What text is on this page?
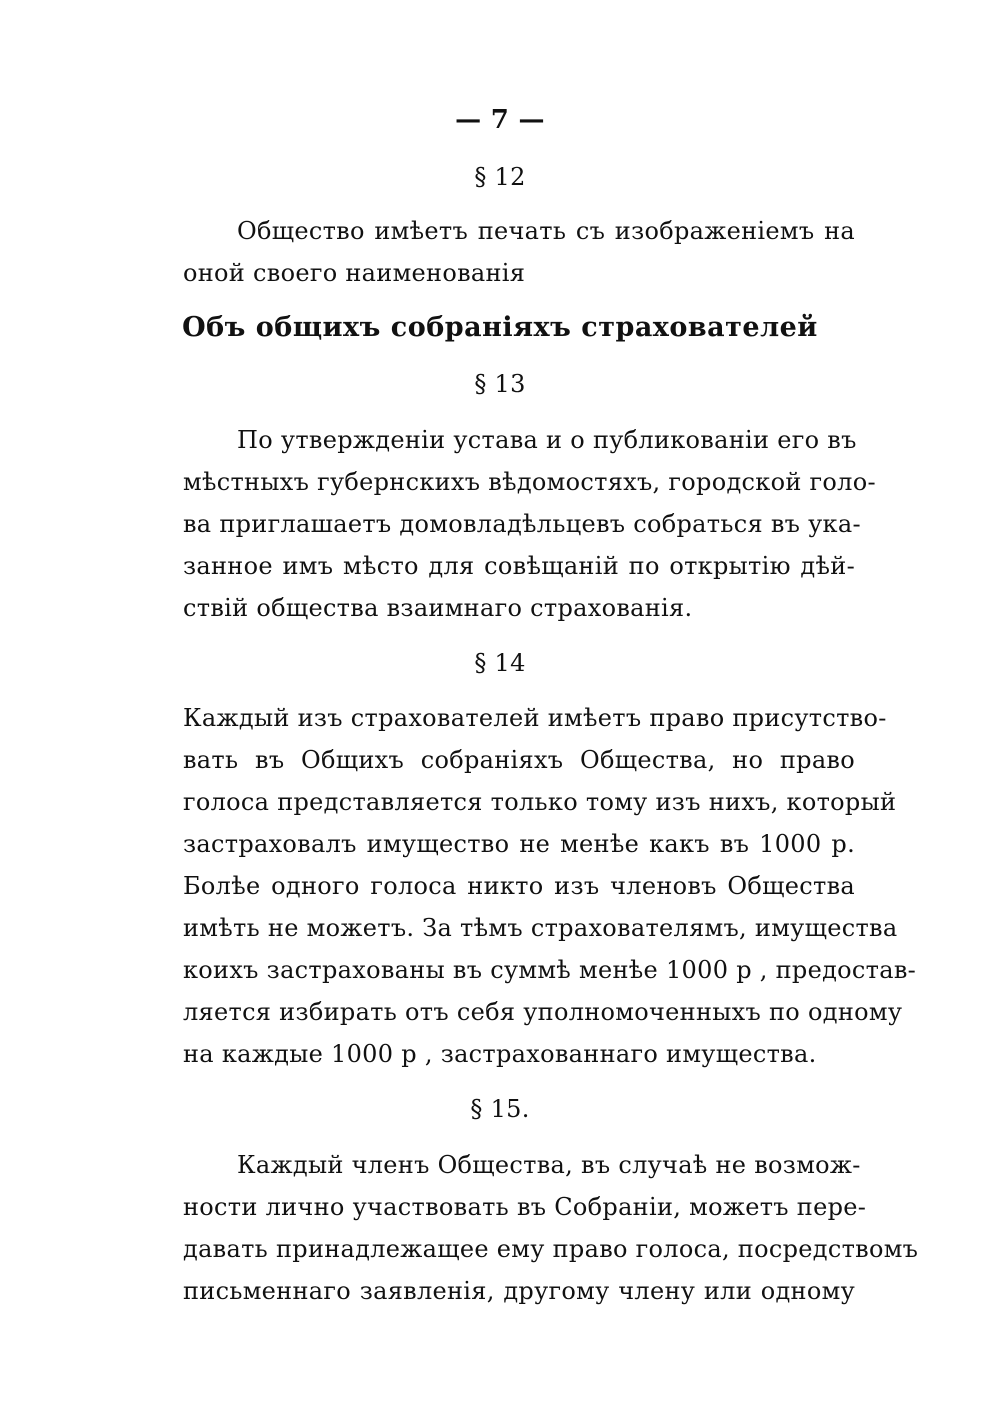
— 7 —
§ 12
Общество имѣетъ печать съ изображеніемъ на
оной своего наименованія
Объ общихъ собраніяхъ страхователей
§ 13
По утвержденіи устава и о публикованіи его въ
мѣстныхъ губернскихъ вѣдомостяхъ, городской голо-
ва приглашаетъ домовладѣльцевъ собраться въ ука-
занное имъ мѣсто для совѣщаній по открытію дѣй-
ствій общества взаимнаго страхованія.
§ 14
Каждый изъ страхователей имѣетъ право присутство-
вать въ Общихъ собраніяхъ Общества, но право
голоса представляется только тому изъ нихъ, который
застраховалъ имущество не менѣе какъ въ 1000 р.
Болѣе одного голоса никто изъ членовъ Общества
имѣть не можетъ. За тѣмъ страхователямъ, имущества
коихъ застрахованы въ суммѣ менѣе 1000 р , предостав-
ляется избирать отъ себя уполномоченныхъ по одному
на каждые 1000 р , застрахованнаго имущества.
§ 15.
Каждый членъ Общества, въ случаѣ не возмож-
ности лично участвовать въ Собраніи, можетъ пере-
давать принадлежащее ему право голоса, посредствомъ
письменнаго заявленія, другому члену или одному
